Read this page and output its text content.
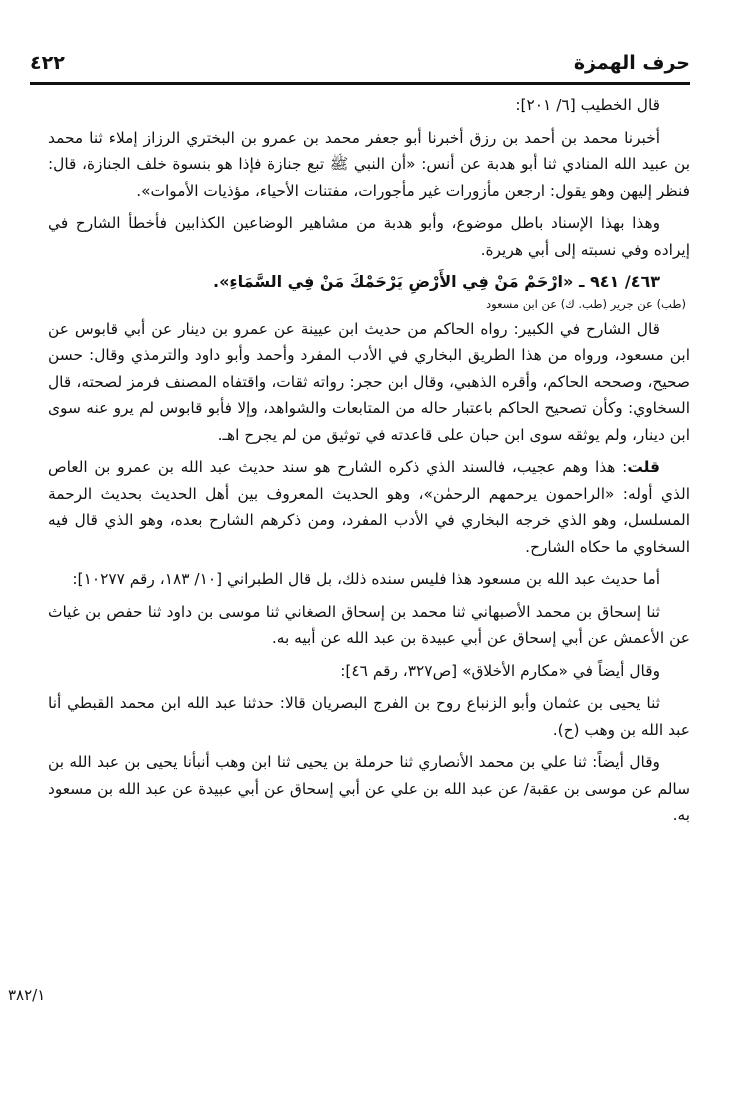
حرف الهمزة
٤٢٢

قال الخطيب [٦/ ٢٠١]:

أخبرنا محمد بن أحمد بن رزق أخبرنا أبو جعفر محمد بن عمرو بن البختري الرزاز إملاء ثنا محمد بن عبيد الله المنادي ثنا أبو هدبة عن أنس: «أن النبي ﷺ تبع جنازة فإذا هو بنسوة خلف الجنازة، قال: فنظر إليهن وهو يقول: ارجعن مأزورات غير مأجورات، مفتنات الأحياء، مؤذيات الأموات».

وهذا بهذا الإسناد باطل موضوع، وأبو هدبة من مشاهير الوضاعين الكذابين فأخطأ الشارح في إيراده وفي نسبته إلى أبي هريرة.

٤٦٣/ ٩٤١ ـ «ارْحَمْ مَنْ فِي الأَرْضِ يَرْحَمْكَ مَنْ فِي السَّمَاءِ».

(طب) عن جرير (طب. ك) عن ابن مسعود

قال الشارح في الكبير: رواه الحاكم من حديث ابن عيينة عن عمرو بن دينار عن أبي قابوس عن ابن مسعود، ورواه من هذا الطريق البخاري في الأدب المفرد وأحمد وأبو داود والترمذي وقال: حسن صحيح، وصححه الحاكم، وأقره الذهبي، وقال ابن حجر: رواته ثقات، واقتفاه المصنف فرمز لصحته، قال السخاوي: وكأن تصحيح الحاكم باعتبار حاله من المتابعات والشواهد، وإلا فأبو قابوس لم يرو عنه سوى ابن دينار، ولم يوثقه سوى ابن حبان على قاعدته في توثيق من لم يجرح اهـ.

قلت: هذا وهم عجيب، فالسند الذي ذكره الشارح هو سند حديث عبد الله بن عمرو بن العاص الذي أوله: «الراحمون يرحمهم الرحمٰن»، وهو الحديث المعروف بين أهل الحديث بحديث الرحمة المسلسل، وهو الذي خرجه البخاري في الأدب المفرد، ومن ذكرهم الشارح بعده، وهو الذي قال فيه السخاوي ما حكاه الشارح.

أما حديث عبد الله بن مسعود هذا فليس سنده ذلك، بل قال الطبراني [١٠/ ١٨٣، رقم ١٠٢٧٧]:

ثنا إسحاق بن محمد الأصبهاني ثنا محمد بن إسحاق الصغاني ثنا موسى بن داود ثنا حفص بن غياث عن الأعمش عن أبي إسحاق عن أبي عبيدة بن عبد الله عن أبيه به.

وقال أيضاً في «مكارم الأخلاق» [ص٣٢٧، رقم ٤٦]:

ثنا يحيى بن عثمان وأبو الزنباع روح بن الفرج البصريان قالا: حدثنا عبد الله ابن محمد القبطي أنا عبد الله بن وهب (ح).

وقال أيضاً: ثنا علي بن محمد الأنصاري ثنا حرملة بن يحيى ثنا ابن وهب أنبأنا يحيى بن عبد الله بن سالم عن موسى بن عقبة/ عن عبد الله بن علي عن أبي إسحاق عن أبي عبيدة عن عبد الله بن مسعود به.

٣٨٢/١
